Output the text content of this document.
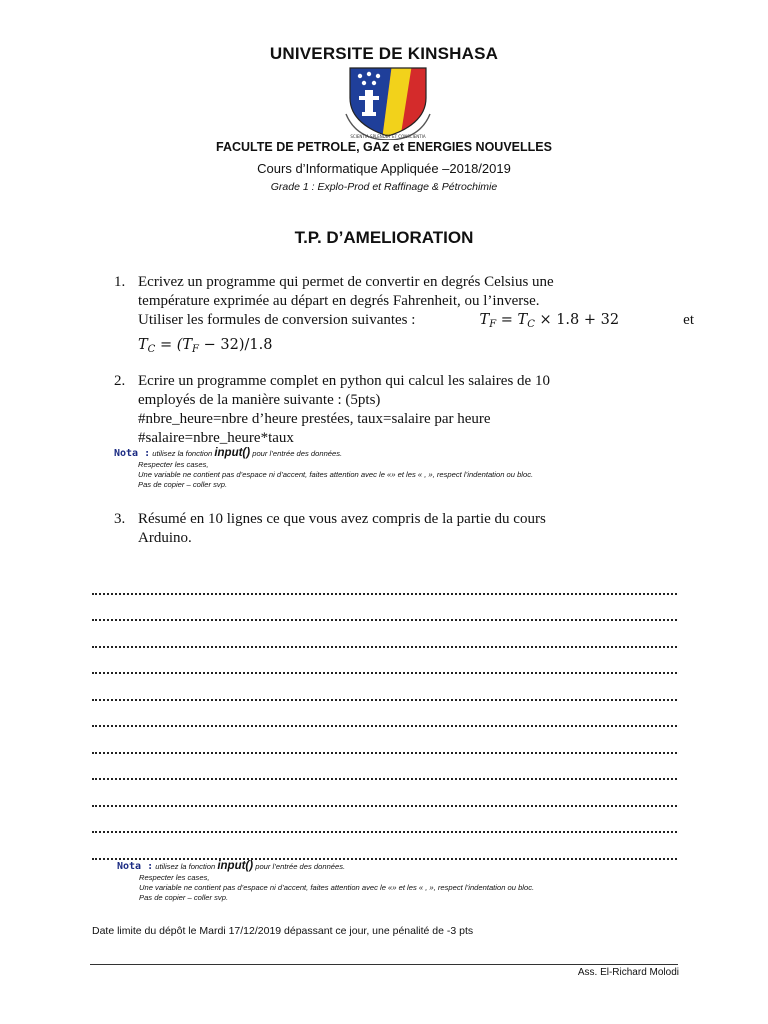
UNIVERSITE DE KINSHASA
SCIENTIA SPLENDET ET CONSCIENTIA
FACULTE DE PETROLE, GAZ et ENERGIES NOUVELLES
Cours d’Informatique Appliquée –2018/2019
Grade 1 : Explo-Prod et Raffinage & Pétrochimie
T.P. D’AMELIORATION
1. Ecrivez un programme qui permet de convertir en degrés Celsius une
température exprimée au départ en degrés Fahrenheit, ou l’inverse.
Utiliser les formules de conversion suivantes :	$T_F = T_C \times 1.8 + 32$	et
$T_C = (T_F - 32)/1.8$
2. Ecrire un programme complet en python qui calcul les salaires de 10
employés de la manière suivante : (5pts)
#nbre_heure=nbre d’heure prestées, taux=salaire par heure
#salaire=nbre_heure*taux
Nota : utilisez la fonction input() pour l’entrée des données.
Respecter les cases,
Une variable ne contient pas d’espace ni d’accent, faites attention avec le «» et les « , », respect l’indentation ou bloc.
Pas de copier – coller svp.
3. Résumé en 10 lignes ce que vous avez compris de la partie du cours
Arduino.
Nota : utilisez la fonction input() pour l’entrée des données.
Respecter les cases,
Une variable ne contient pas d’espace ni d’accent, faites attention avec le «» et les « , », respect l’indentation ou bloc.
Pas de copier – coller svp.
Date limite du dépôt le Mardi 17/12/2019 dépassant ce jour, une pénalité de -3 pts
Ass. El-Richard Molodi
